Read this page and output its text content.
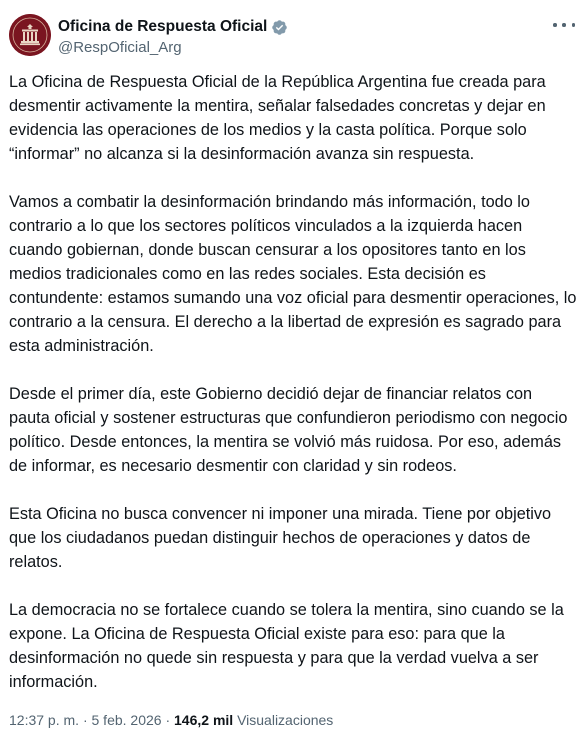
Oficina de Respuesta Oficial
@RespOficial_Arg

La Oficina de Respuesta Oficial de la República Argentina fue creada para desmentir activamente la mentira, señalar falsedades concretas y dejar en evidencia las operaciones de los medios y la casta política. Porque solo “informar” no alcanza si la desinformación avanza sin respuesta.

Vamos a combatir la desinformación brindando más información, todo lo contrario a lo que los sectores políticos vinculados a la izquierda hacen cuando gobiernan, donde buscan censurar a los opositores tanto en los medios tradicionales como en las redes sociales. Esta decisión es contundente: estamos sumando una voz oficial para desmentir operaciones, lo contrario a la censura. El derecho a la libertad de expresión es sagrado para esta administración.

Desde el primer día, este Gobierno decidió dejar de financiar relatos con pauta oficial y sostener estructuras que confundieron periodismo con negocio político. Desde entonces, la mentira se volvió más ruidosa. Por eso, además de informar, es necesario desmentir con claridad y sin rodeos.

Esta Oficina no busca convencer ni imponer una mirada. Tiene por objetivo que los ciudadanos puedan distinguir hechos de operaciones y datos de relatos.

La democracia no se fortalece cuando se tolera la mentira, sino cuando se la expone. La Oficina de Respuesta Oficial existe para eso: para que la desinformación no quede sin respuesta y para que la verdad vuelva a ser información.

12:37 p. m. · 5 feb. 2026 · 146,2 mil Visualizaciones
